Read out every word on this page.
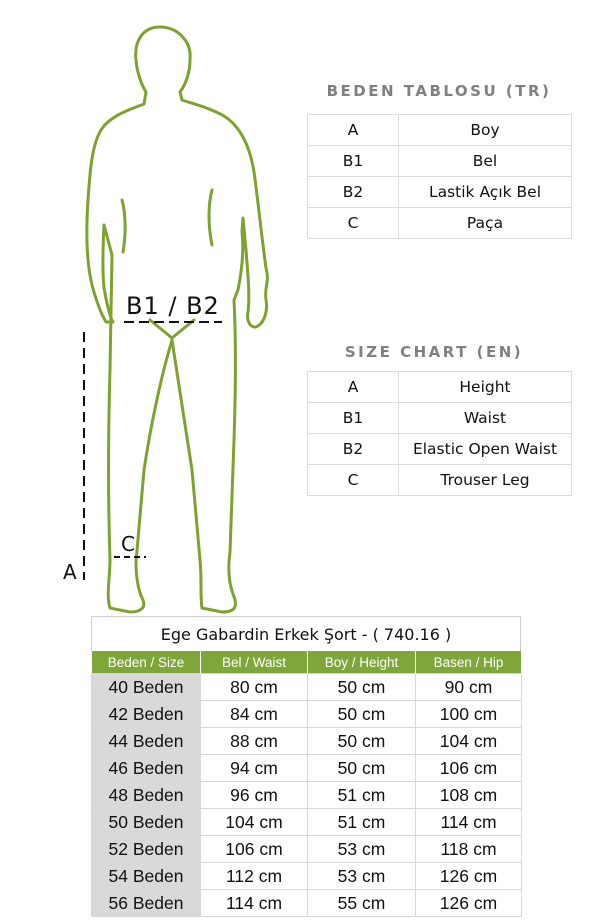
B1 / B2
C
A
BEDEN TABLOSU (TR)
A	Boy
B1	Bel
B2	Lastik Açık Bel
C	Paça
SIZE CHART (EN)
A	Height
B1	Waist
B2	Elastic Open Waist
C	Trouser Leg
Ege Gabardin Erkek Şort - ( 740.16 )
Beden / Size	Bel / Waist	Boy / Height	Basen / Hip
40 Beden	80 cm	50 cm	90 cm
42 Beden	84 cm	50 cm	100 cm
44 Beden	88 cm	50 cm	104 cm
46 Beden	94 cm	50 cm	106 cm
48 Beden	96 cm	51 cm	108 cm
50 Beden	104 cm	51 cm	114 cm
52 Beden	106 cm	53 cm	118 cm
54 Beden	112 cm	53 cm	126 cm
56 Beden	114 cm	55 cm	126 cm
